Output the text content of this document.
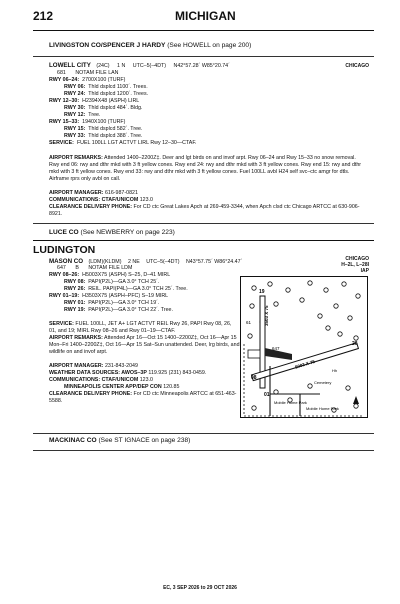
212	MICHIGAN
LIVINGSTON CO/SPENCER J HARDY (See HOWELL on page 200)
LOWELL CITY (24C) 1 N UTC–5(–4DT) N42°57.28´ W85°20.74´	CHICAGO
681 NOTAM FILE LAN
RWY 06–24: 2700X100 (TURF)
RWY 06: Thld dsplcd 1100´. Trees.
RWY 24: Thld dsplcd 1200´. Trees.
RWY 12–30: H2394X48 (ASPH) LIRL
RWY 30: Thld dsplcd 484´. Bldg.
RWY 12: Tree.
RWY 15–33: 1940X100 (TURF)
RWY 15: Thld dsplcd 582´. Tree.
RWY 33: Thld dsplcd 388´. Tree.
SERVICE: FUEL 100LL LGT ACTVT LIRL Rwy 12–30—CTAF.
AIRPORT REMARKS: Attended 1400–2200Z‡. Deer and lgt birds on and invof arpt. Rwy 06–24 and Rwy 15–33 no snow removal. Rwy end 06: rwy and dthr mkd with 3 ft yellow cones. Rwy end 24: rwy and dthr mkd with 3 ft yellow cones. Rwy end 15: rwy and dthr mkd with 3 ft yellow cones. Rwy end 33: rwy and dthr mkd with 3 ft yellow cones. Fuel 100LL avbl H24 self svc–ctc amgr for dtls. Airframe rprs only avbl on call.
AIRPORT MANAGER: 616-987-0821
COMMUNICATIONS: CTAF/UNICOM 123.0
CLEARANCE DELIVERY PHONE: For CD ctc Great Lakes Apch at 269-459-3344, when Apch clsd ctc Chicago ARTCC at 630-906-8921.
LUCE CO (See NEWBERRY on page 223)
LUDINGTON
MASON CO (LDM)(KLDM) 2 NE UTC–5(–4DT) N43°57.75´ W86°24.47´	CHICAGO
H–2L, L–28I
IAP
647 B NOTAM FILE LDM
RWY 08–26: H5003X75 (ASPH) S–25, D–41 MIRL
RWY 08: PAPI(P2L)—GA 3.0° TCH 25´.
RWY 26: REIL. PAPI(P4L)—GA 3.0° TCH 25´. Tree.
RWY 01–19: H3503X75 (ASPH–PFC) S–19 MIRL
RWY 01: PAPI(P2L)—GA 3.0° TCH 19´.
RWY 19: PAPI(P2L)—GA 3.0° TCH 22´. Tree.
SERVICE: FUEL 100LL, JET A+ LGT ACTVT REIL Rwy 26, PAPI Rwy 08, 26, 01, and 19; MIRL Rwy 08–26 and Rwy 01–19—CTAF.
AIRPORT REMARKS: Attended Apr 16—Oct 15 1400–2200Z‡, Oct 16—Apr 15 Mon–Fri 1400–2200Z‡, Oct 16—Apr 15 Sat–Sun unattended. Deer, lrg birds, and wildlife on and invof arpt.
AIRPORT MANAGER: 231-843-2049
WEATHER DATA SOURCES: AWOS–3P 119.925 (231) 843-0459.
COMMUNICATIONS: CTAF/UNICOM 123.0
MINNEAPOLIS CENTER APP/DEP CON 120.85
CLEARANCE DELIVERY PHONE: For CD ctc Minneapolis ARTCC at 651-463-5588.
19
08
26
01
5003 X 75
3503 X 75
647
61
Mobile Home Park
Mobile Home Park
Cemetery
Hh
MACKINAC CO (See ST IGNACE on page 238)
EC, 3 SEP 2026 to 29 OCT 2026
